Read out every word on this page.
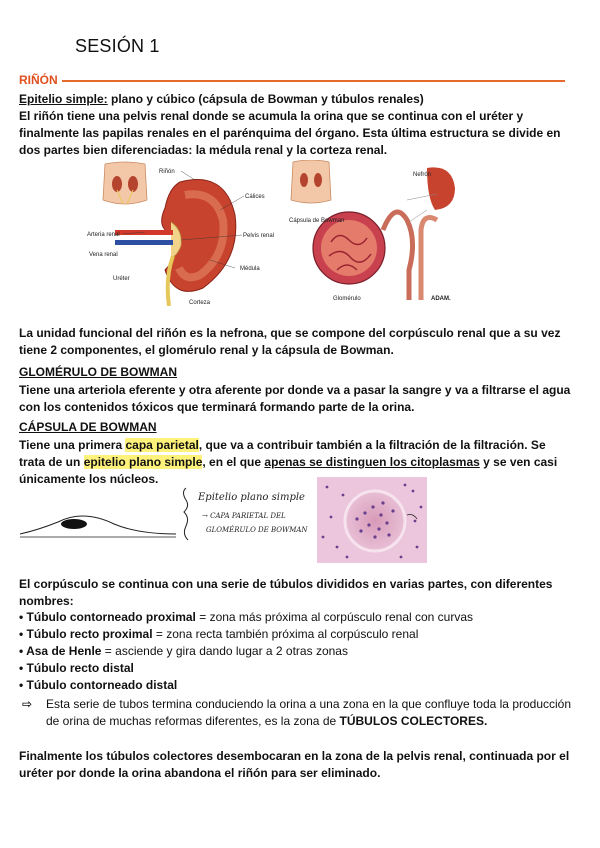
SESIÓN 1
RIÑÓN
Epitelio simple: plano y cúbico (cápsula de Bowman y túbulos renales)
El riñón tiene una pelvis renal donde se acumula la orina que se continua con el uréter y finalmente las papilas renales en el parénquima del órgano. Esta última estructura se divide en dos partes bien diferenciadas: la médula renal y la corteza renal.
Riñón
Cálices
Arteria renal	Pelvis renal
Vena renal
Médula
Uréter
Corteza
Nefrón
Cápsula de Bowman
Glomérulo	ADAM.
La unidad funcional del riñón es la nefrona, que se compone del corpúsculo renal que a su vez tiene 2 componentes, el glomérulo renal y la cápsula de Bowman.
GLOMÉRULO DE BOWMAN
Tiene una arteriola eferente y otra aferente por donde va a pasar la sangre y va a filtrarse el agua con los contenidos tóxicos que terminará formando parte de la orina.
CÁPSULA DE BOWMAN
Tiene una primera capa parietal, que va a contribuir también a la filtración de la filtración. Se trata de un epitelio plano simple, en el que apenas se distinguen los citoplasmas y se ven casi únicamente los núcleos.
Epitelio plano simple
→ CAPA PARIETAL DEL
GLOMÉRULO DE BOWMAN
El corpúsculo se continua con una serie de túbulos divididos en varias partes, con diferentes nombres:
• Túbulo contorneado proximal = zona más próxima al corpúsculo renal con curvas
• Túbulo recto proximal = zona recta también próxima al corpúsculo renal
• Asa de Henle = asciende y gira dando lugar a 2 otras zonas
• Túbulo recto distal
• Túbulo contorneado distal
⇨	Esta serie de tubos termina conduciendo la orina a una zona en la que confluye toda la producción de orina de muchas reformas diferentes, es la zona de TÚBULOS COLECTORES.
Finalmente los túbulos colectores desembocaran en la zona de la pelvis renal, continuada por el uréter por donde la orina abandona el riñón para ser eliminado.
